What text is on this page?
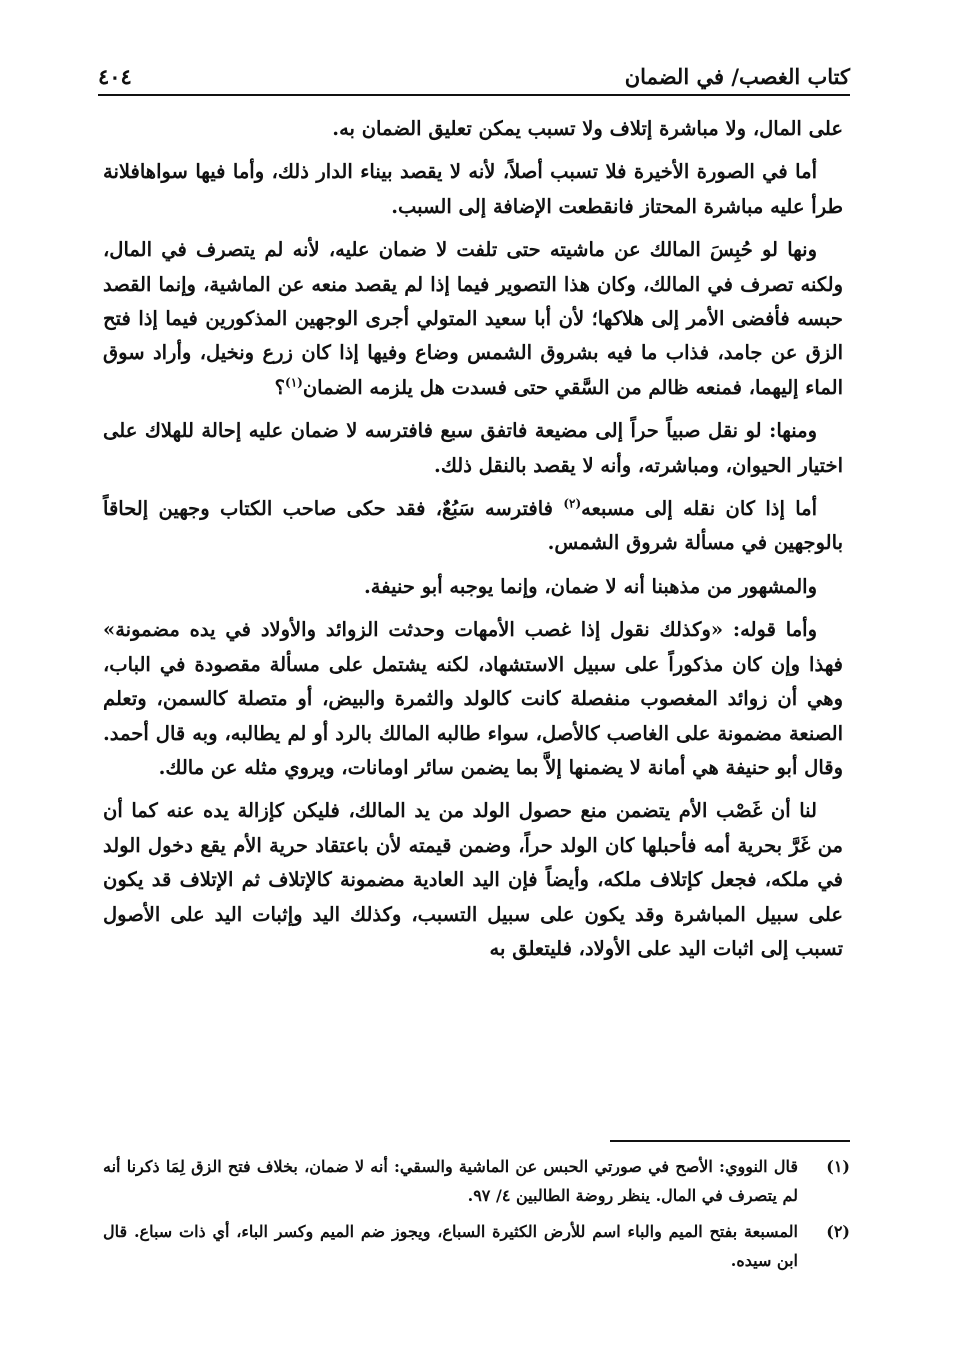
كتاب الغصب/ في الضمان
٤٠٤

على المال، ولا مباشرة إتلاف ولا تسبب يمكن تعليق الضمان به.

أما في الصورة الأخيرة فلا تسبب أصلاً، لأنه لا يقصد بيناء الدار ذلك، وأما فيها سواهافلانة طرأ عليه مباشرة المحتاز فانقطعت الإضافة إلى السبب.

ونها لو حُبِسَ المالك عن ماشيته حتى تلفت لا ضمان عليه، لأنه لم يتصرف في المال، ولكنه تصرف في المالك، وكان هذا التصوير فيما إذا لم يقصد منعه عن الماشية، وإنما القصد حبسه فأفضى الأمر إلى هلاكها؛ لأن أبا سعيد المتولي أجرى الوجهين المذكورين فيما إذا فتح الزق عن جامد، فذاب ما فيه بشروق الشمس وضاع وفيها إذا كان زرع ونخيل، وأراد سوق الماء إليهما، فمنعه ظالم من السَّقي حتى فسدت هل يلزمه الضمان$^{(١)}$؟

ومنها: لو نقل صبياً حراً إلى مضيعة فاتفق سبع فافترسه لا ضمان عليه إحالة للهلاك على اختيار الحيوان، ومباشرته، وأنه لا يقصد بالنقل ذلك.

أما إذا كان نقله إلى مسبعه$^{(٢)}$ فافترسه سَبُعٌ، فقد حكى صاحب الكتاب وجهين إلحاقاً بالوجهين في مسألة شروق الشمس.

والمشهور من مذهبنا أنه لا ضمان، وإنما يوجبه أبو حنيفة.

وأما قوله: «وكذلك نقول إذا غصب الأمهات وحدثت الزوائد والأولاد في يده مضمونة» فهذا وإن كان مذكوراً على سبيل الاستشهاد، لكنه يشتمل على مسألة مقصودة في الباب، وهي أن زوائد المغصوب منفصلة كانت كالولد والثمرة والبيض، أو متصلة كالسمن، وتعلم الصنعة مضمونة على الغاصب كالأصل، سواء طالبه المالك بالرد أو لم يطالبه، وبه قال أحمد. وقال أبو حنيفة هي أمانة لا يضمنها إلاَّ بما يضمن سائر اومانات، ويروي مثله عن مالك.

لنا أن غَصْب الأم يتضمن منع حصول الولد من يد المالك، فليكن كإزالة يده عنه كما أن من غَرَّ بحرية أمه فأحبلها كان الولد حراً، وضمن قيمته لأن باعتقاد حرية الأم يقع دخول الولد في ملكه، فجعل كإتلاف ملكه، وأيضاً فإن اليد العادية مضمونة كالإتلاف ثم الإتلاف قد يكون على سبيل المباشرة وقد يكون على سبيل التسبب، وكذلك اليد وإثبات اليد على الأصول تسبب إلى اثبات اليد على الأولاد، فليتعلق به

(١)
قال النووي: الأصح في صورتي الحبس عن الماشية والسقي: أنه لا ضمان، بخلاف فتح الزق لِمَا ذكرنا أنه لم يتصرف في المال. ينظر روضة الطالبين ٤/ ٩٧.
(٢)
المسبعة بفتح الميم والباء اسم للأرض الكثيرة السباع، ويجوز ضم الميم وكسر الباء، أي ذات سباع. قال ابن سيده.
